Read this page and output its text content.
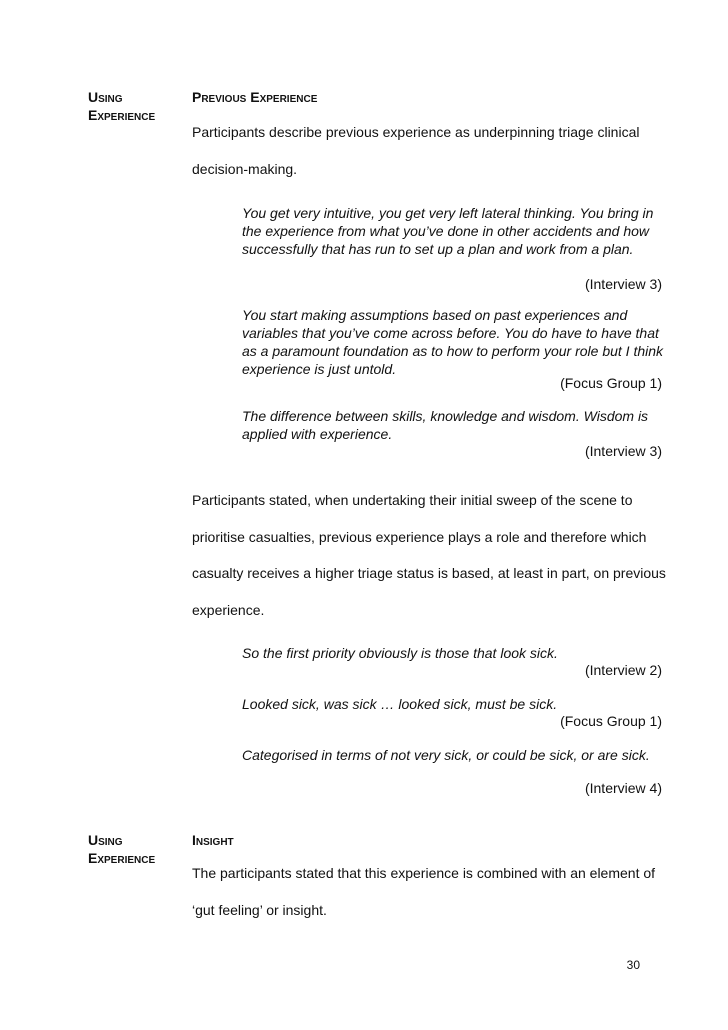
Using
Experience
Previous Experience
Participants describe previous experience as underpinning triage clinical decision-making.
You get very intuitive, you get very left lateral thinking. You bring in the experience from what you’ve done in other accidents and how successfully that has run to set up a plan and work from a plan.
(Interview 3)
You start making assumptions based on past experiences and variables that you’ve come across before. You do have to have that as a paramount foundation as to how to perform your role but I think experience is just untold.
(Focus Group 1)
The difference between skills, knowledge and wisdom. Wisdom is applied with experience.
(Interview 3)
Participants stated, when undertaking their initial sweep of the scene to prioritise casualties, previous experience plays a role and therefore which casualty receives a higher triage status is based, at least in part, on previous experience.
So the first priority obviously is those that look sick.
(Interview 2)
Looked sick, was sick … looked sick, must be sick.
(Focus Group 1)
Categorised in terms of not very sick, or could be sick, or are sick.
(Interview 4)
Using
Experience
Insight
The participants stated that this experience is combined with an element of ‘gut feeling’ or insight.
30
